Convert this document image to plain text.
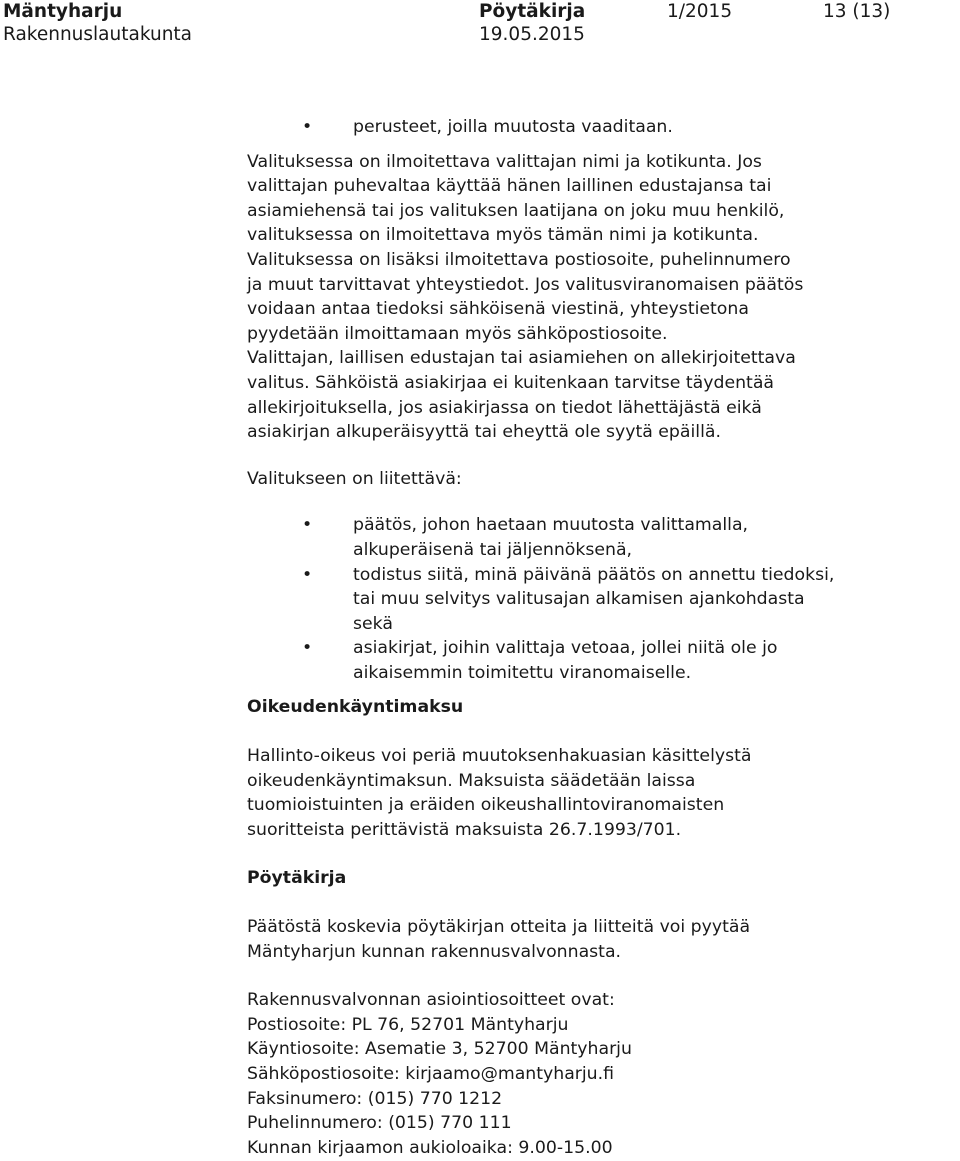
Mäntyharju
Rakennuslautakunta
Pöytäkirja
19.05.2015
1/2015	13 (13)
• perusteet, joilla muutosta vaaditaan.

Valituksessa on ilmoitettava valittajan nimi ja kotikunta. Jos
valittajan puhevaltaa käyttää hänen laillinen edustajansa tai
asiamiehensä tai jos valituksen laatijana on joku muu henkilö,
valituksessa on ilmoitettava myös tämän nimi ja kotikunta.
Valituksessa on lisäksi ilmoitettava postiosoite, puhelinnumero
ja muut tarvittavat yhteystiedot. Jos valitusviranomaisen päätös
voidaan antaa tiedoksi sähköisenä viestinä, yhteystietona
pyydetään ilmoittamaan myös sähköpostiosoite.
Valittajan, laillisen edustajan tai asiamiehen on allekirjoitettava
valitus. Sähköistä asiakirjaa ei kuitenkaan tarvitse täydentää
allekirjoituksella, jos asiakirjassa on tiedot lähettäjästä eikä
asiakirjan alkuperäisyyttä tai eheyttä ole syytä epäillä.

Valitukseen on liitettävä:

• päätös, johon haetaan muutosta valittamalla,
alkuperäisenä tai jäljennöksenä,
• todistus siitä, minä päivänä päätös on annettu tiedoksi,
tai muu selvitys valitusajan alkamisen ajankohdasta
sekä
• asiakirjat, joihin valittaja vetoaa, jollei niitä ole jo
aikaisemmin toimitettu viranomaiselle.

Oikeudenkäyntimaksu

Hallinto-oikeus voi periä muutoksenhakuasian käsittelystä
oikeudenkäyntimaksun. Maksuista säädetään laissa
tuomioistuinten ja eräiden oikeushallintoviranomaisten
suoritteista perittävistä maksuista 26.7.1993/701.

Pöytäkirja

Päätöstä koskevia pöytäkirjan otteita ja liitteitä voi pyytää
Mäntyharjun kunnan rakennusvalvonnasta.

Rakennusvalvonnan asiointiosoitteet ovat:
Postiosoite: PL 76, 52701 Mäntyharju
Käyntiosoite: Asematie 3, 52700 Mäntyharju
Sähköpostiosoite: kirjaamo@mantyharju.fi
Faksinumero: (015) 770 1212
Puhelinnumero: (015) 770 111
Kunnan kirjaamon aukioloaika: 9.00-15.00
